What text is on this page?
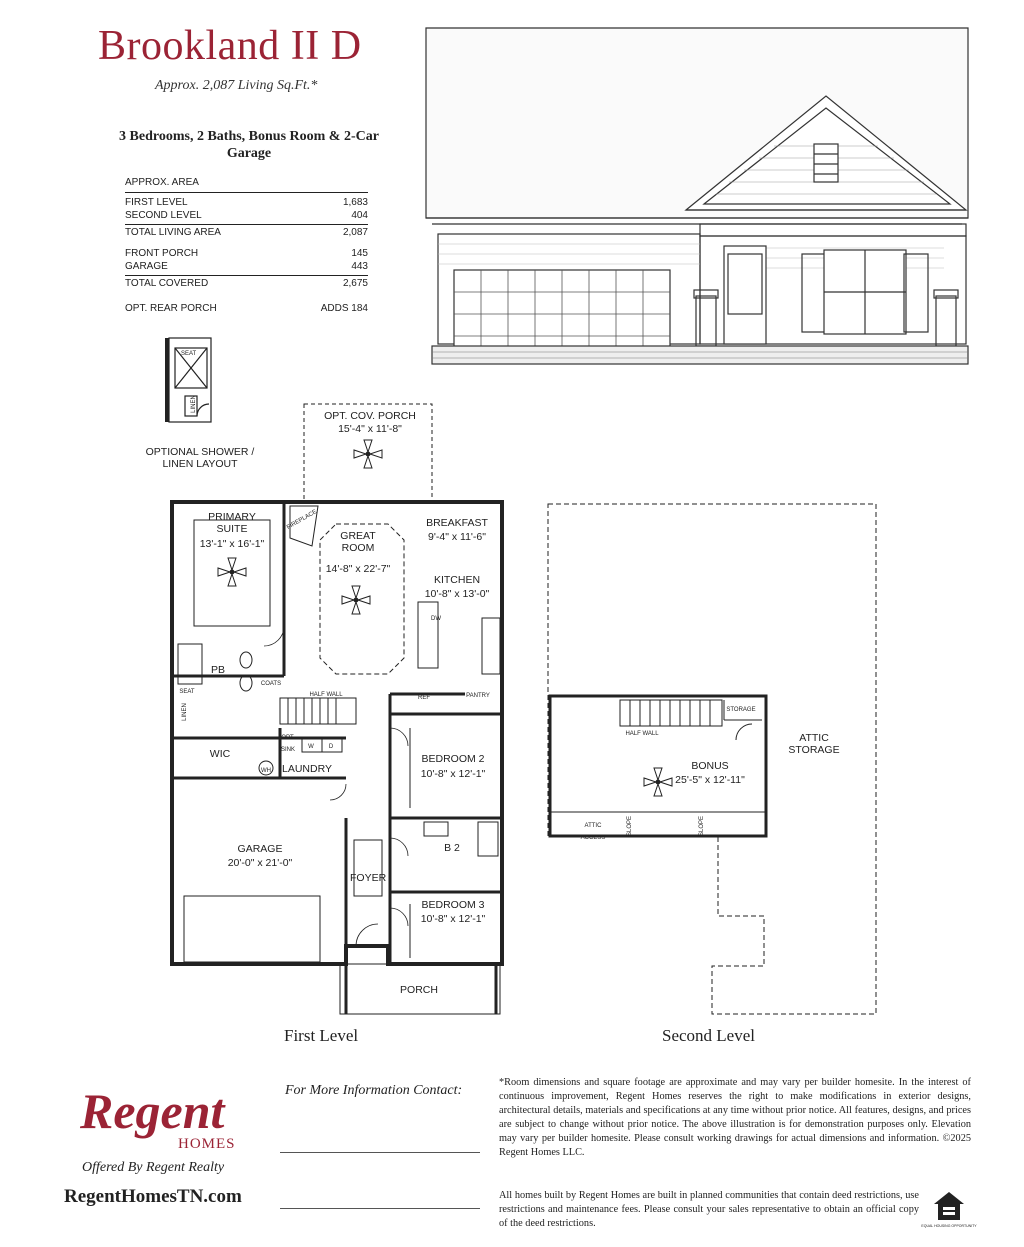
Brookland II D
Approx. 2,087 Living Sq.Ft.*
3 Bedrooms, 2 Baths, Bonus Room & 2-Car Garage
APPROX. AREA
FIRST LEVEL	1,683
SECOND LEVEL	404
TOTAL LIVING AREA	2,087
FRONT PORCH	145
GARAGE	443
TOTAL COVERED	2,675
OPT. REAR PORCH	ADDS 184
SEAT
LINEN
OPTIONAL SHOWER / LINEN LAYOUT
OPT. COV. PORCH
15'-4" x 11'-8"
PRIMARY SUITE
13'-1" x 16'-1"
GREAT ROOM
14'-8" x 22'-7"
BREAKFAST
9'-4" x 11'-6"
KITCHEN
10'-8" x 13'-0"
PB
WIC
LAUNDRY
BEDROOM 2
10'-8" x 12'-1"
B 2
BEDROOM 3
10'-8" x 12'-1"
GARAGE
20'-0" x 21'-0"
FOYER
PORCH
HALF WALL	PANTRY
REF
COATS
DW
W	D
WH
OPT. SINK
SEAT
LINEN
FIREPLACE
First Level
ATTIC STORAGE
BONUS
25'-5" x 12'-11"
HALF WALL
STORAGE
ATTIC ACCESS
SLOPE	SLOPE
Second Level
Regent
HOMES
Offered By Regent Realty
RegentHomesTN.com
For More Information Contact:
*Room dimensions and square footage are approximate and may vary per builder homesite. In the interest of continuous improvement, Regent Homes reserves the right to make modifications in exterior designs, architectural details, materials and specifications at any time without prior notice. All features, designs, and prices are subject to change without prior notice. The above illustration is for demonstration purposes only. Elevation may vary per builder homesite. Please consult working drawings for actual dimensions and information. ©2025 Regent Homes LLC.
All homes built by Regent Homes are built in planned communities that contain deed restrictions, use restrictions and maintenance fees. Please consult your sales representative to obtain an official copy of the deed restrictions.	EQUAL HOUSING OPPORTUNITY
